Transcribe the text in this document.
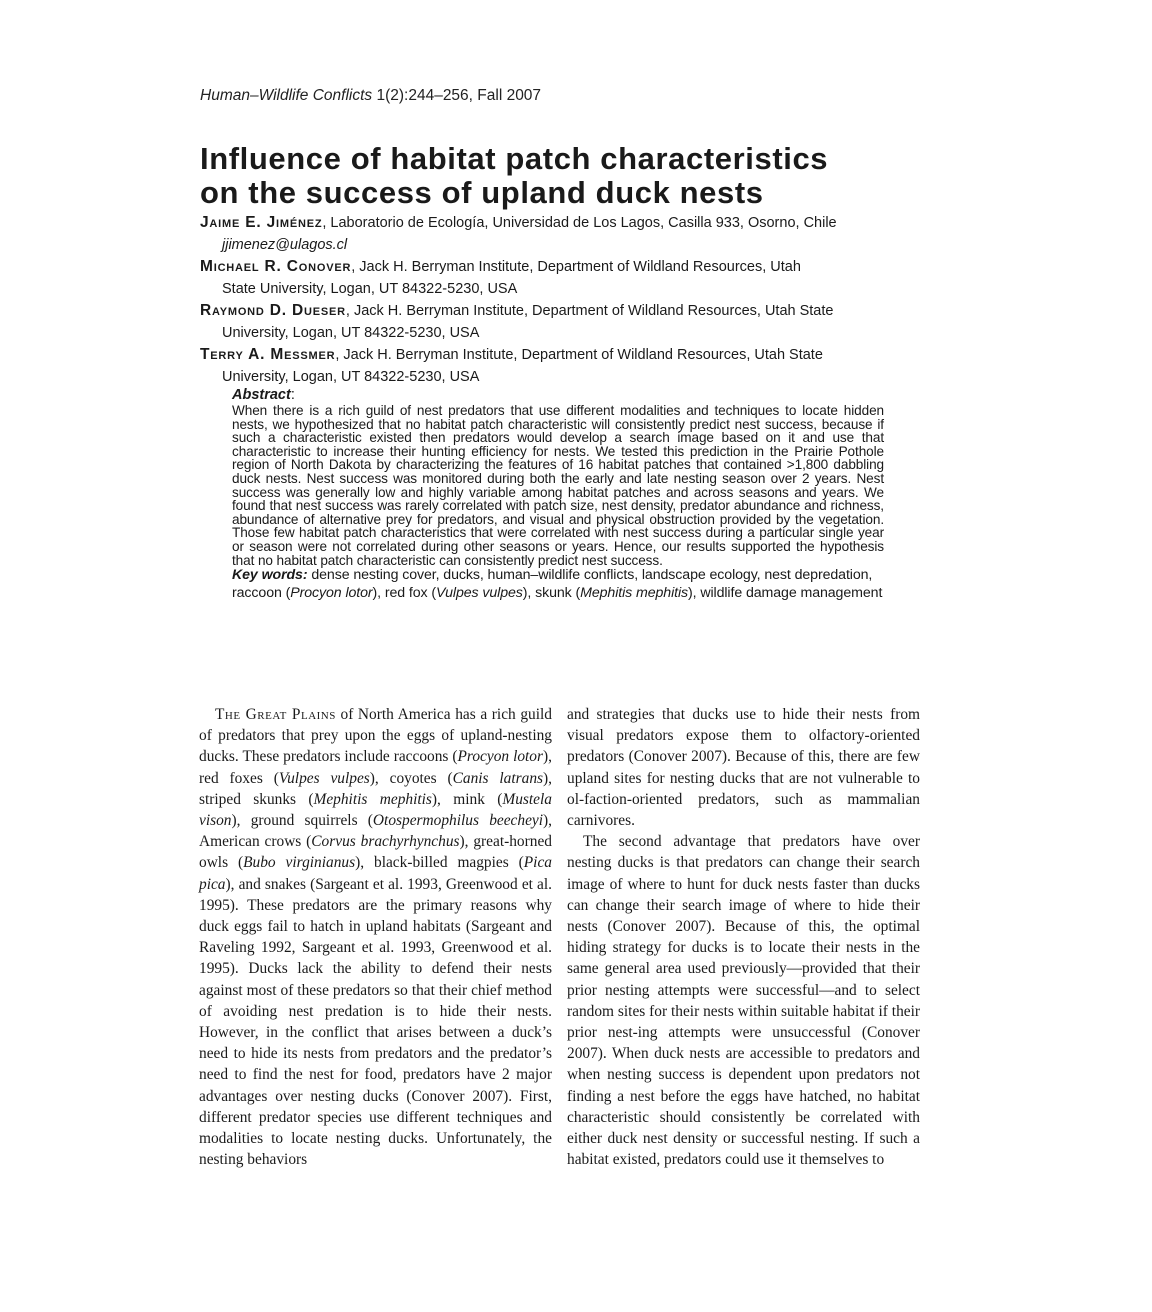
Human–Wildlife Conflicts 1(2):244–256, Fall 2007
Influence of habitat patch characteristics
on the success of upland duck nests

Jaime E. Jiménez, Laboratorio de Ecología, Universidad de Los Lagos, Casilla 933, Osorno, Chile
jjimenez@ulagos.cl

Michael R. Conover, Jack H. Berryman Institute, Department of Wildland Resources, Utah
State University, Logan, UT 84322-5230, USA

Raymond D. Dueser, Jack H. Berryman Institute, Department of Wildland Resources, Utah State
University, Logan, UT 84322-5230, USA

Terry A. Messmer, Jack H. Berryman Institute, Department of Wildland Resources, Utah State
University, Logan, UT 84322-5230, USA

Abstract:

When there is a rich guild of nest predators that use different modalities and techniques to locate hidden nests, we hypothesized that no habitat patch characteristic will consistently predict nest success, because if such a characteristic existed then predators would develop a search image based on it and use that characteristic to increase their hunting efficiency for nests. We tested this prediction in the Prairie Pothole region of North Dakota by characterizing the features of 16 habitat patches that contained >1,800 dabbling duck nests. Nest success was monitored during both the early and late nesting season over 2 years. Nest success was generally low and highly variable among habitat patches and across seasons and years. We found that nest success was rarely correlated with patch size, nest density, predator abundance and richness, abundance of alternative prey for predators, and visual and physical obstruction provided by the vegetation. Those few habitat patch characteristics that were correlated with nest success during a particular single year or season were not correlated during other seasons or years. Hence, our results supported the hypothesis that no habitat patch characteristic can consistently predict nest success.

Key words: dense nesting cover, ducks, human–wildlife conflicts, landscape ecology, nest depredation, raccoon (Procyon lotor), red fox (Vulpes vulpes), skunk (Mephitis mephitis), wildlife damage management

The Great Plains of North America has a rich guild of predators that prey upon the eggs of upland-nesting ducks. These predators include raccoons (Procyon lotor), red foxes (Vulpes vulpes), coyotes (Canis latrans), striped skunks (Mephitis mephitis), mink (Mustela vison), ground squirrels (Otospermophilus beecheyi), American crows (Corvus brachyrhynchus), great-horned owls (Bubo virginianus), black-billed magpies (Pica pica), and snakes (Sargeant et al. 1993, Greenwood et al. 1995). These predators are the primary reasons why duck eggs fail to hatch in upland habitats (Sargeant and Raveling 1992, Sargeant et al. 1993, Greenwood et al. 1995). Ducks lack the ability to defend their nests against most of these predators so that their chief method of avoiding nest predation is to hide their nests. However, in the conflict that arises between a duck’s need to hide its nests from predators and the predator’s need to find the nest for food, predators have 2 major advantages over nesting ducks (Conover 2007). First, different predator species use different techniques and modalities to locate nesting ducks. Unfortunately, the nesting behaviors

and strategies that ducks use to hide their nests from visual predators expose them to olfactory-oriented predators (Conover 2007). Because of this, there are few upland sites for nesting ducks that are not vulnerable to ol-faction-oriented predators, such as mammalian carnivores.

The second advantage that predators have over nesting ducks is that predators can change their search image of where to hunt for duck nests faster than ducks can change their search image of where to hide their nests (Conover 2007). Because of this, the optimal hiding strategy for ducks is to locate their nests in the same general area used previously—provided that their prior nesting attempts were successful—and to select random sites for their nests within suitable habitat if their prior nest-ing attempts were unsuccessful (Conover 2007). When duck nests are accessible to predators and when nesting success is dependent upon predators not finding a nest before the eggs have hatched, no habitat characteristic should consistently be correlated with either duck nest density or successful nesting. If such a habitat existed, predators could use it themselves to
